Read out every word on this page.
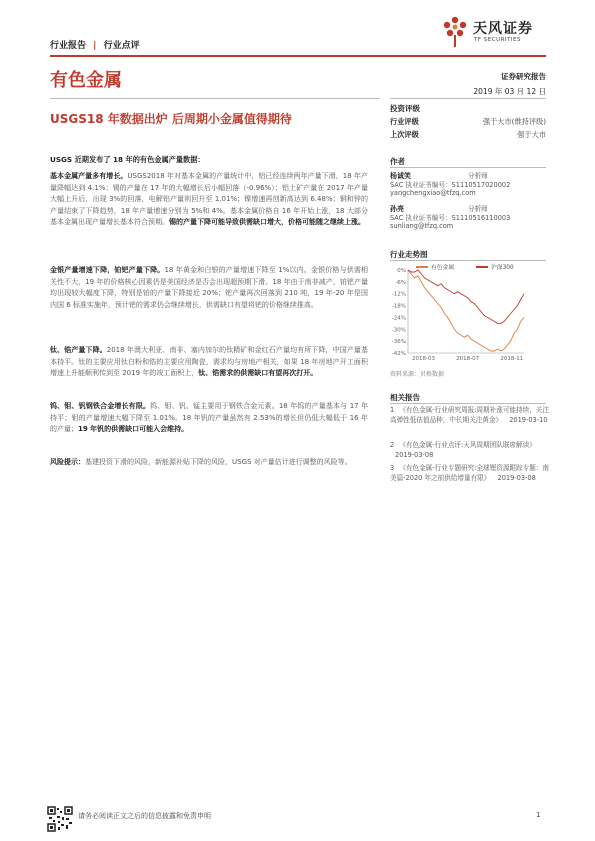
行业报告 | 行业点评
天风证券
TF SECURITIES
有色金属	证券研究报告
2019 年 03 月 12 日
USGS18 年数据出炉 后周期小金属值得期待
USGS 近期发布了 18 年的有色金属产量数据：
基本金属产量多有增长。USGS2018 年对基本金属的产量统计中，铝已经连续两年产量下滑，18 年产量降幅达到 4.1%；锡的产量在 17 年的大幅增长后小幅回落（-0.96%）；铝土矿产量在 2017 年产量大幅上升后，出现 3%的回落，电解铝产量则回升至 1.01%；镍增速再创新高达到 6.48%；铜和锌的产量结束了下降趋势，18 年产量增速分别为 5%和 4%。基本金属价格自 16 年开始上涨，18 大部分基本金属出现产量增长基本符合预期。锡的产量下降可能导致供需缺口增大，价格可能随之继续上涨。
金银产量增速下降，铂钯产量下降。18 年黄金和白银的产量增速下降至 1%以内。金银价格与供需相关性不大，19 年的价格核心因素仍是美国经济是否会出现超预期下滑。18 年由于南非减产，铂钯产量均出现较大幅度下降，特别是铂的产量下降接近 20%；钯产量再次回落到 210 吨，19 年-20 年是国内国 6 标准实施年，预计钯的需求仍会继续增长，供需缺口有望将钯的价格继续推高。
钛、锆产量下降。2018 年澳大利亚、南非、塞内加尔的钛精矿和金红石产量均有所下降，中国产量基本持平。钛的主要应用钛白粉和锆的主要应用陶瓷，需求均与房地产相关，如果 18 年房地产开工面积增速上升能顺利传到至 2019 年的竣工面积上，钛、锆需求的供需缺口有望再次打开。
钨、钼、钒钢铁合金增长有限。钨、钼、钒、锰主要用于钢铁合金元素。18 年钨的产量基本与 17 年持平；钼的产量增速大幅下降至 1.01%。18 年钒的产量虽然有 2.53%的增长但仍低大幅低于 16 年的产量；19 年钒的供需缺口可能入会维持。
风险提示：基建投资下滑的风险，新能源补贴下降的风险，USGS 对产量估计进行调整的风险等。
投资评级
行业评级	强于大市(维持评级)
上次评级	强于大市
作者
杨诚笑	分析师
SAC 执业证书编号：S1110517020002
yangchengxiao@tfzq.com
孙亮	分析师
SAC 执业证书编号：S1110516110003
sunliang@tfzq.com
行业走势图
0%
-6%
-12%
-18%
-24%
-30%
-36%
-42%
2018-03	2018-07	2018-11
有色金属	沪深300
资料来源：贝格数据
相关报告
1 《有色金属-行业研究周报:周期补涨可能持续，关注高弹性低估值品种，中长期关注黄金》 2019-03-10
2 《有色金属-行业点评:天风周期团队联席解读》 2019-03-08
3 《有色金属-行业专题研究:全球锂资源跟踪专题：南美篇-2020 年之前供给增量有限》 2019-03-08
请务必阅读正文之后的信息披露和免责申明	1
